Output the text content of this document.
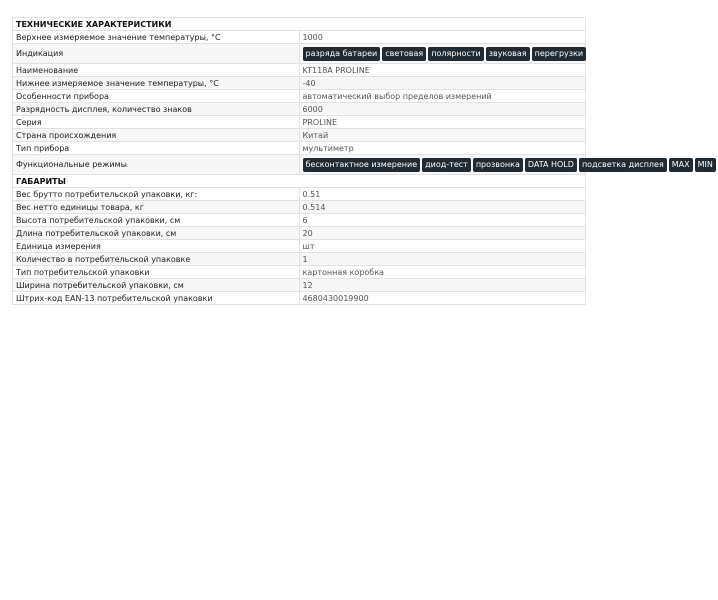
ТЕХНИЧЕСКИЕ ХАРАКТЕРИСТИКИ	
Верхнее измеряемое значение температуры, °C	1000
Индикация	разряда батареи световая полярности звуковая перегрузки
Наименование	KT118A PROLINE
Нижнее измеряемое значение температуры, °C	-40
Особенности прибора	автоматический выбор пределов измерений
Разрядность дисплея, количество знаков	6000
Серия	PROLINE
Страна происхождения	Китай
Тип прибора	мультиметр
Функциональные режимы	бесконтактное измерение диод-тест прозвонка DATA HOLD подсветка дисплея MAX MIN
ГАБАРИТЫ	
Вес брутто потребительской упаковки, кг:	0.51
Вес нетто единицы товара, кг	0.514
Высота потребительской упаковки, см	6
Длина потребительской упаковки, см	20
Единица измерения	шт
Количество в потребительской упаковке	1
Тип потребительской упаковки	картонная коробка
Ширина потребительской упаковки, см	12
Штрих-код EAN-13 потребительской упаковки	4680430019900
